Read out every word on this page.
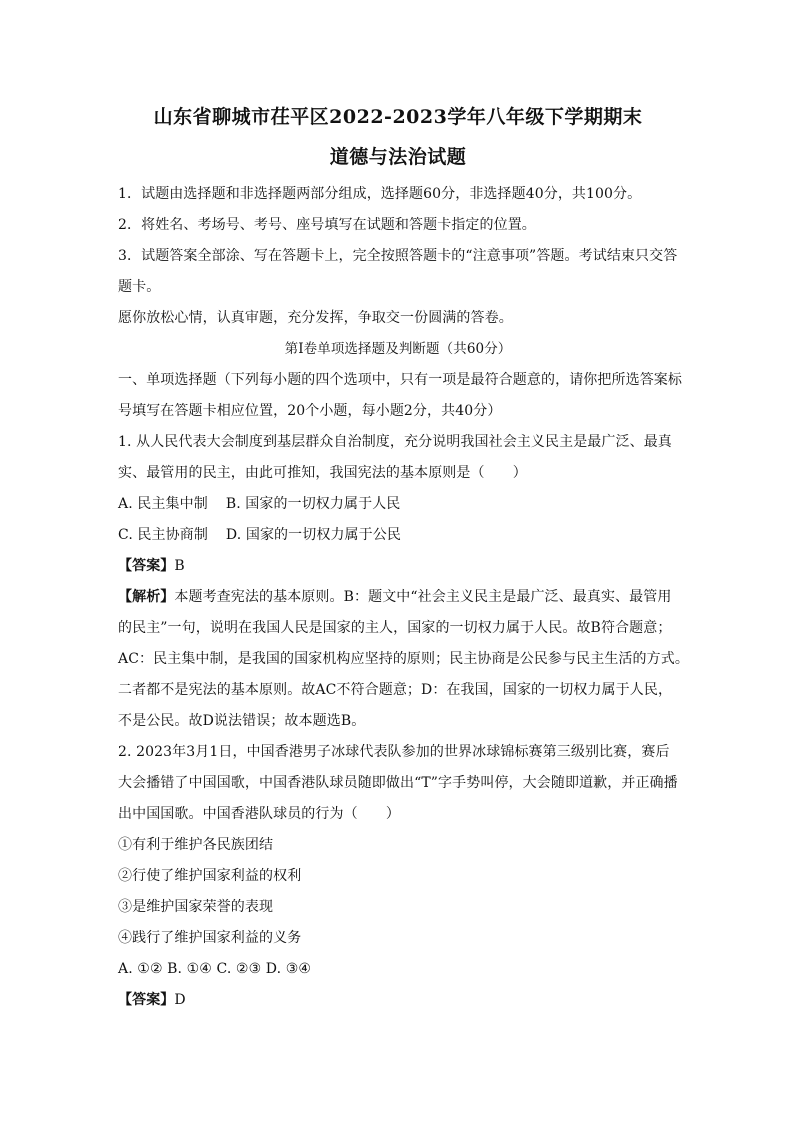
山东省聊城市茌平区2022-2023学年八年级下学期期末
道德与法治试题

1．试题由选择题和非选择题两部分组成，选择题60分，非选择题40分，共100分。

2．将姓名、考场号、考号、座号填写在试题和答题卡指定的位置。

3．试题答案全部涂、写在答题卡上，完全按照答题卡的“注意事项”答题。考试结束只交答

题卡。

愿你放松心情，认真审题，充分发挥，争取交一份圆满的答卷。

第Ⅰ卷单项选择题及判断题（共60分）

一、单项选择题（下列每小题的四个选项中，只有一项是最符合题意的，请你把所选答案标

号填写在答题卡相应位置，20个小题，每小题2分，共40分）

1. 从人民代表大会制度到基层群众自治制度，充分说明我国社会主义民主是最广泛、最真

实、最管用的民主，由此可推知，我国宪法的基本原则是（　　）

A. 民主集中制 B. 国家的一切权力属于人民

C. 民主协商制 D. 国家的一切权力属于公民

【答案】B

【解析】本题考查宪法的基本原则。B：题文中“社会主义民主是最广泛、最真实、最管用

的民主”一句，说明在我国人民是国家的主人，国家的一切权力属于人民。故B符合题意；

AC：民主集中制，是我国的国家机构应坚持的原则；民主协商是公民参与民主生活的方式。

二者都不是宪法的基本原则。故AC不符合题意；D：在我国，国家的一切权力属于人民，

不是公民。故D说法错误；故本题选B。

2. 2023年3月1日，中国香港男子冰球代表队参加的世界冰球锦标赛第三级别比赛，赛后

大会播错了中国国歌，中国香港队球员随即做出“T”字手势叫停，大会随即道歉，并正确播

出中国国歌。中国香港队球员的行为（　　）

①有利于维护各民族团结

②行使了维护国家利益的权利

③是维护国家荣誉的表现

④践行了维护国家利益的义务

A. ①② B. ①④ C. ②③ D. ③④

【答案】D
